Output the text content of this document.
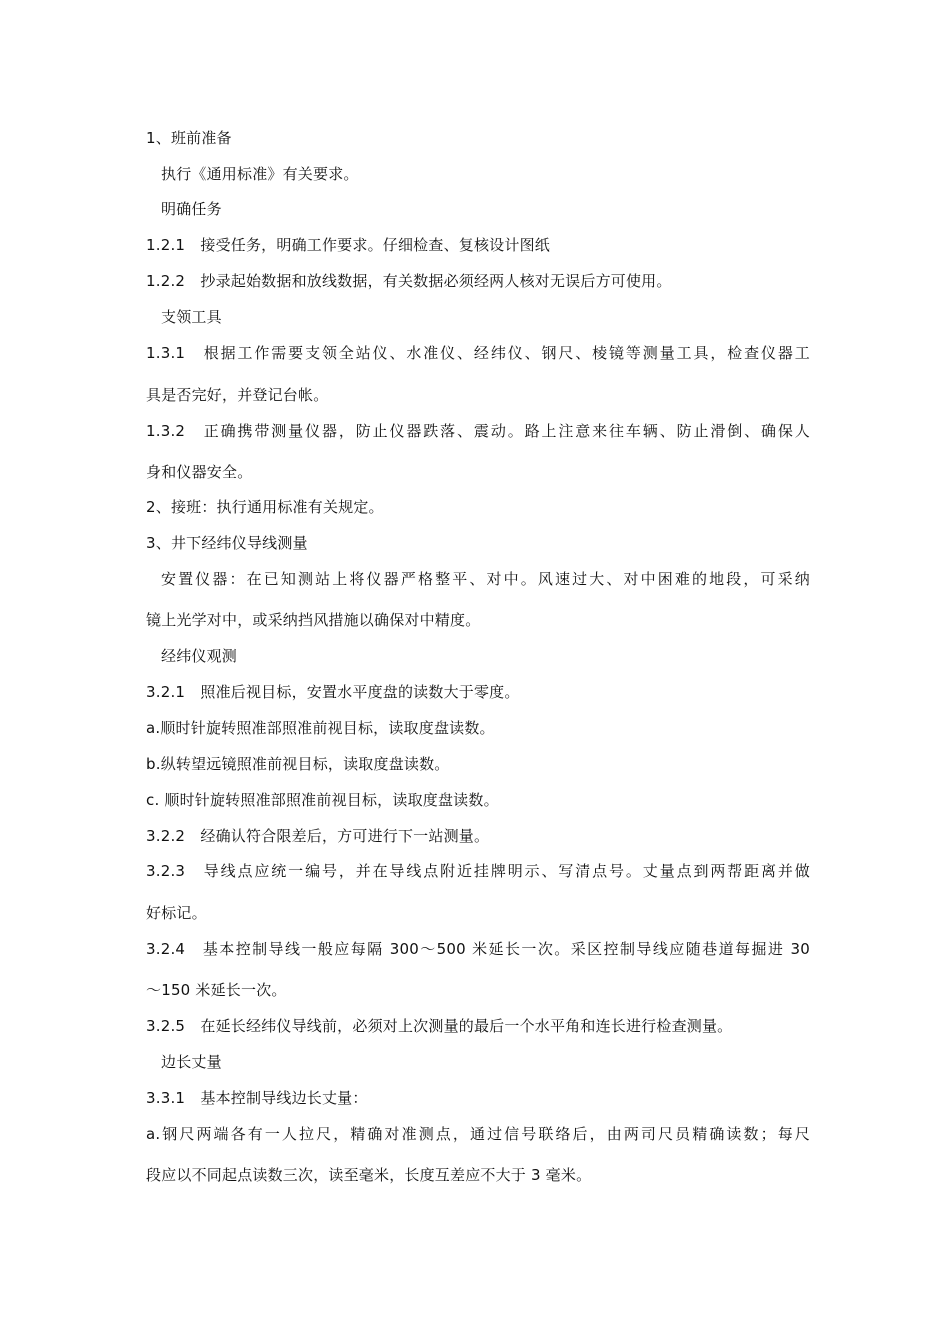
1、班前准备
执行《通用标准》有关要求。
明确任务
1.2.1　接受任务，明确工作要求。仔细检查、复核设计图纸
1.2.2　抄录起始数据和放线数据，有关数据必须经两人核对无误后方可使用。
支领工具
1.3.1　根据工作需要支领全站仪、水准仪、经纬仪、钢尺、棱镜等测量工具，检查仪器工
具是否完好，并登记台帐。
1.3.2　正确携带测量仪器，防止仪器跌落、震动。路上注意来往车辆、防止滑倒、确保人
身和仪器安全。
2、接班：执行通用标准有关规定。
3、井下经纬仪导线测量
安置仪器：在已知测站上将仪器严格整平、对中。风速过大、对中困难的地段，可采纳
镜上光学对中，或采纳挡风措施以确保对中精度。
经纬仪观测
3.2.1　照准后视目标，安置水平度盘的读数大于零度。
a.顺时针旋转照准部照准前视目标，读取度盘读数。
b.纵转望远镜照准前视目标，读取度盘读数。
c. 顺时针旋转照准部照准前视目标，读取度盘读数。
3.2.2　经确认符合限差后，方可进行下一站测量。
3.2.3　导线点应统一编号，并在导线点附近挂牌明示、写清点号。丈量点到两帮距离并做
好标记。
3.2.4　基本控制导线一般应每隔 300～500 米延长一次。采区控制导线应随巷道每掘进 30
～150 米延长一次。
3.2.5　在延长经纬仪导线前，必须对上次测量的最后一个水平角和连长进行检查测量。
边长丈量
3.3.1　基本控制导线边长丈量：
a.钢尺两端各有一人拉尺，精确对准测点，通过信号联络后，由两司尺员精确读数；每尺
段应以不同起点读数三次，读至毫米，长度互差应不大于 3 毫米。
